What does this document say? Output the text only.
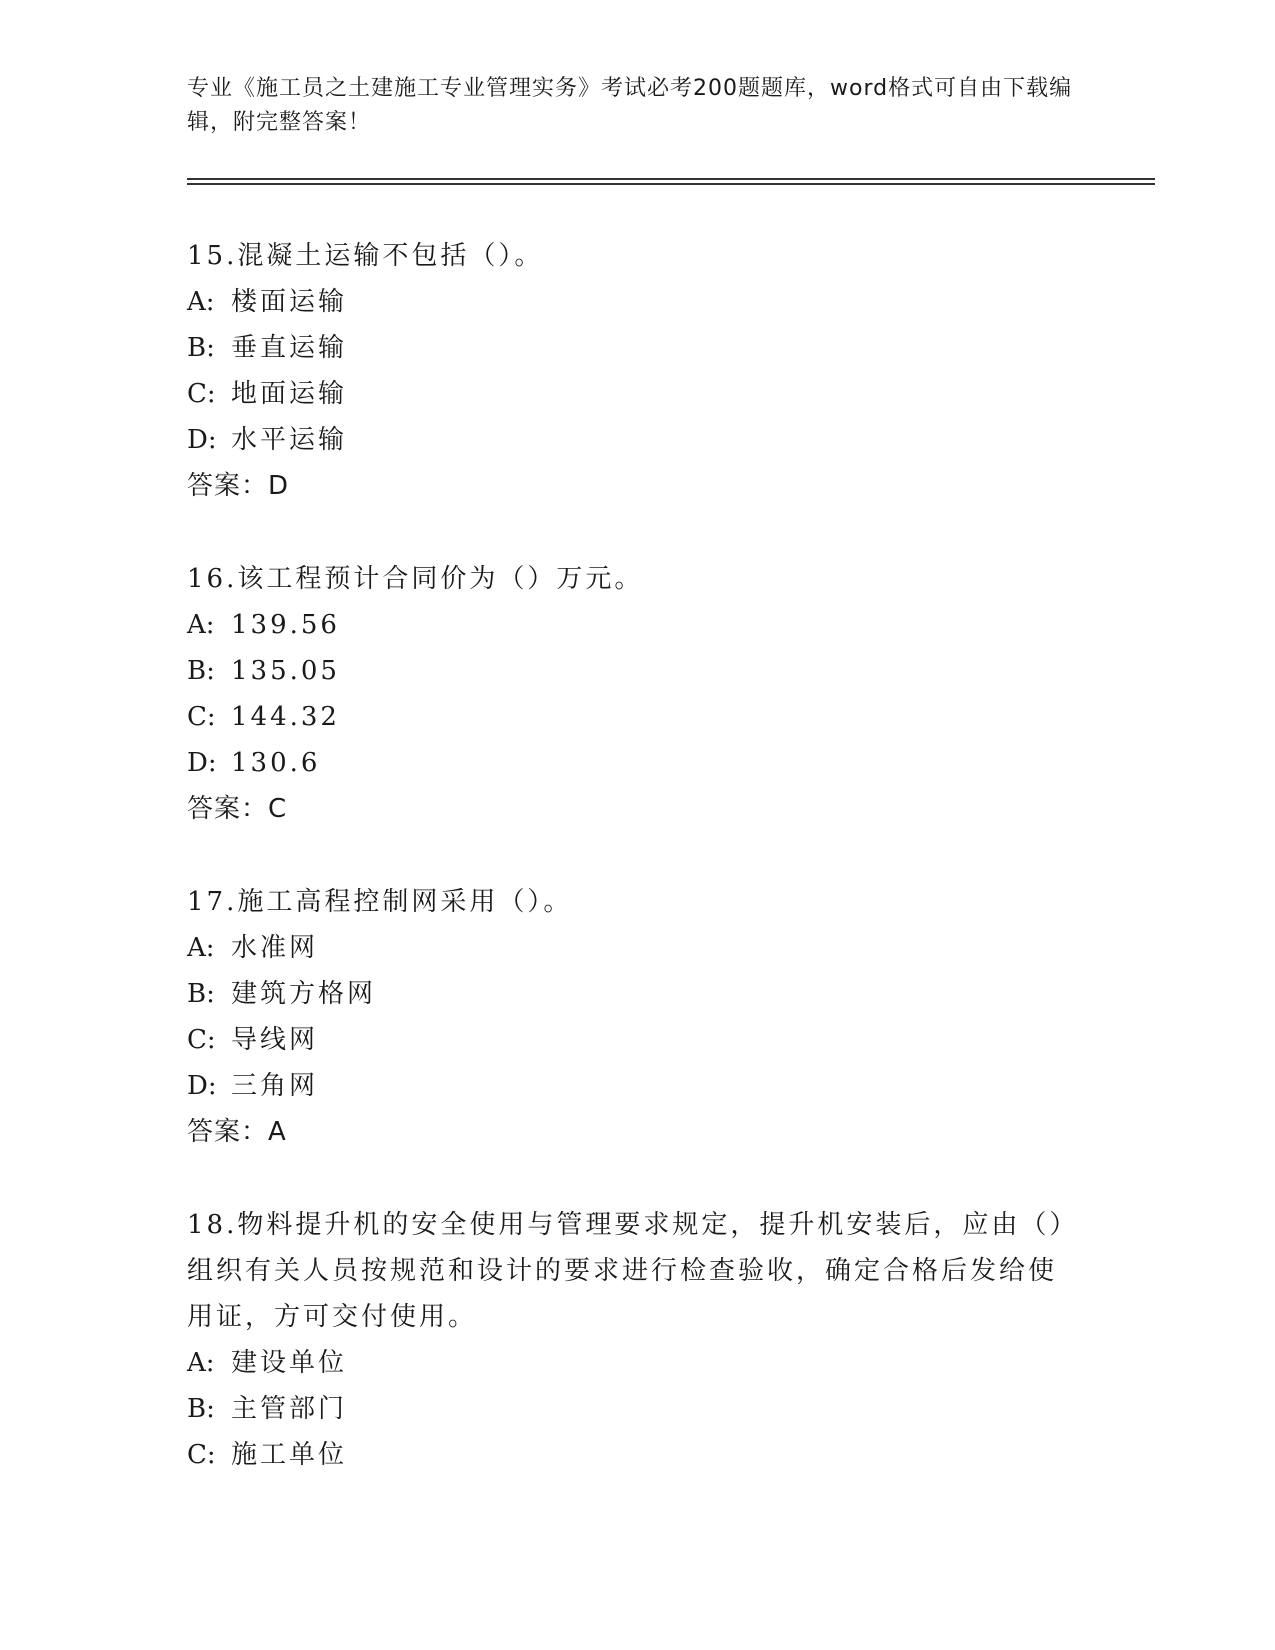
专业《施工员之土建施工专业管理实务》考试必考200题题库，word格式可自由下载编辑，附完整答案！
15.混凝土运输不包括（）。
A: 楼面运输
B: 垂直运输
C: 地面运输
D: 水平运输
答案：D
16.该工程预计合同价为（）万元。
A: 139.56
B: 135.05
C: 144.32
D: 130.6
答案：C
17.施工高程控制网采用（）。
A: 水准网
B: 建筑方格网
C: 导线网
D: 三角网
答案：A
18.物料提升机的安全使用与管理要求规定，提升机安装后，应由（）组织有关人员按规范和设计的要求进行检查验收，确定合格后发给使用证，方可交付使用。
A: 建设单位
B: 主管部门
C: 施工单位
